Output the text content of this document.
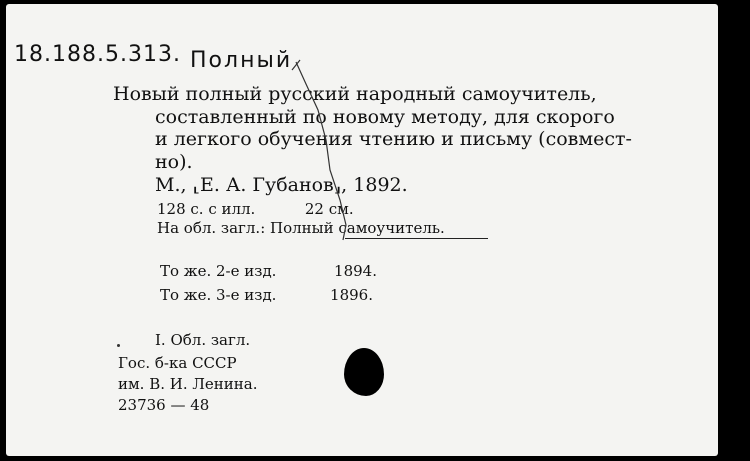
18.188.5.313. Полный
Новый полный русский народный самоучитель,
составленный по новому методу, для скорого
и легкого обучения чтению и письму (совмест-
но).
М., ⸤Е. А. Губанов⸥, 1892.
128 с. с илл.	22 см.
На обл. загл.: Полный самоучитель.
То же. 2-е изд.	1894.
То же. 3-е изд.	1896.
I. Обл. загл.
Гос. б-ка СССР
им. В. И. Ленина.
23736 — 48
